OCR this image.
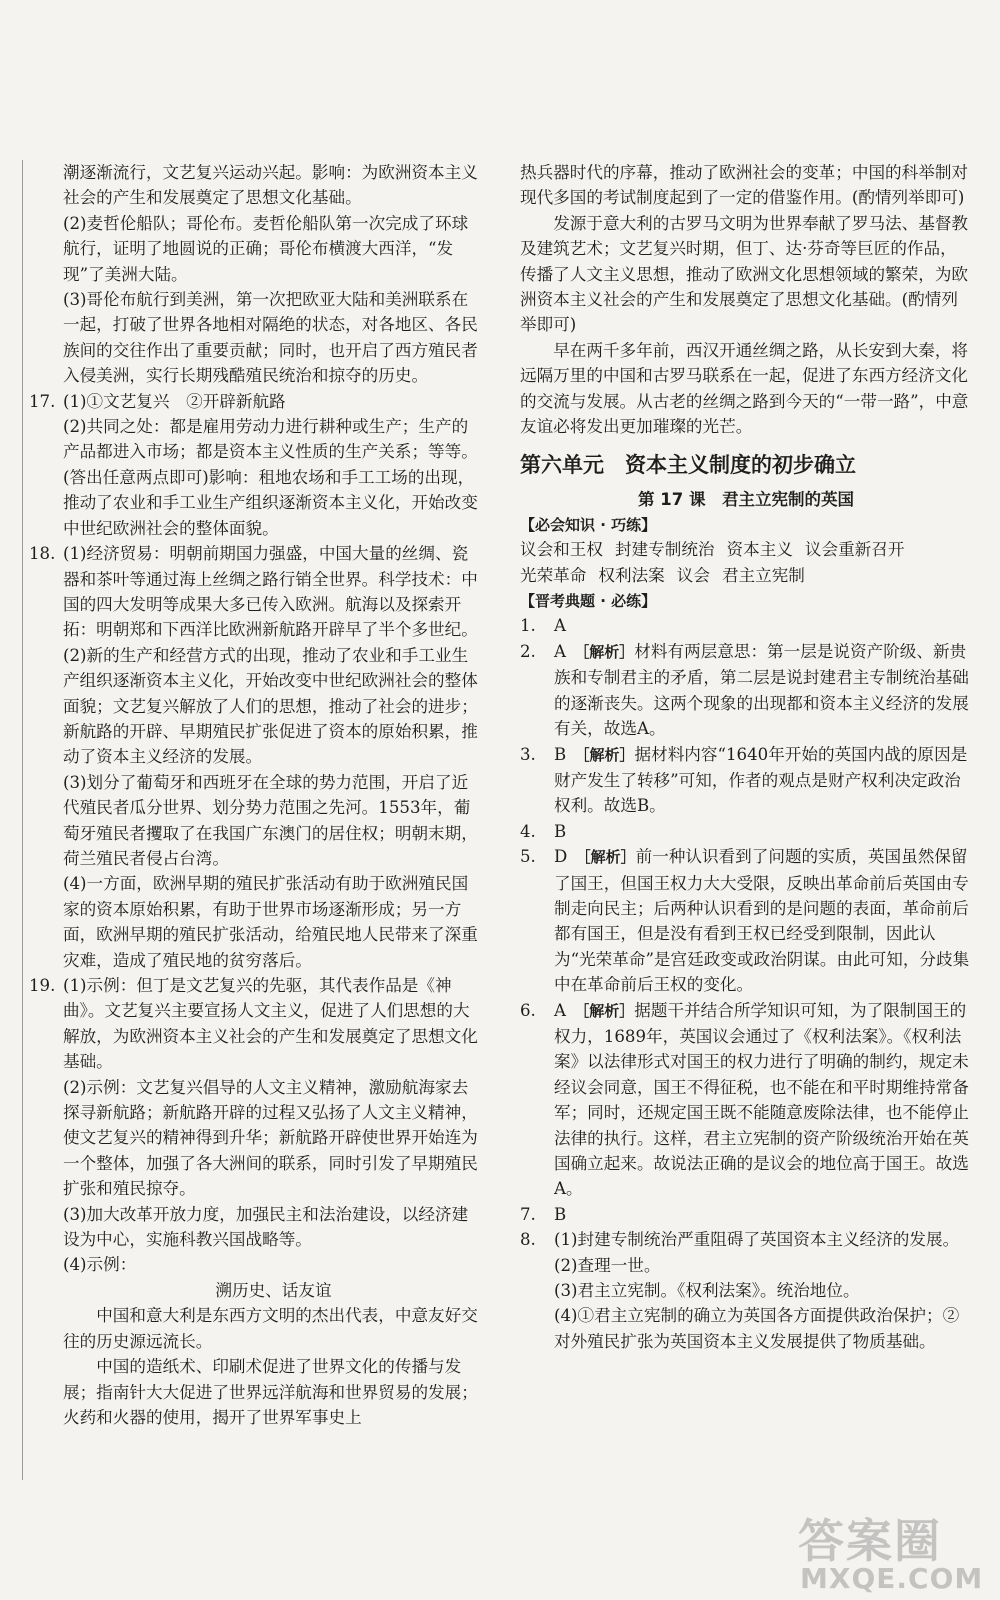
潮逐渐流行，文艺复兴运动兴起。影响：为欧洲资本主义社会的产生和发展奠定了思想文化基础。
(2)麦哲伦船队；哥伦布。麦哲伦船队第一次完成了环球航行，证明了地圆说的正确；哥伦布横渡大西洋，“发现”了美洲大陆。
(3)哥伦布航行到美洲，第一次把欧亚大陆和美洲联系在一起，打破了世界各地相对隔绝的状态，对各地区、各民族间的交往作出了重要贡献；同时，也开启了西方殖民者入侵美洲，实行长期残酷殖民统治和掠夺的历史。
17. (1)①文艺复兴　②开辟新航路
(2)共同之处：都是雇用劳动力进行耕种或生产；生产的产品都进入市场；都是资本主义性质的生产关系；等等。(答出任意两点即可)影响：租地农场和手工工场的出现，推动了农业和手工业生产组织逐渐资本主义化，开始改变中世纪欧洲社会的整体面貌。
18. (1)经济贸易：明朝前期国力强盛，中国大量的丝绸、瓷器和茶叶等通过海上丝绸之路行销全世界。科学技术：中国的四大发明等成果大多已传入欧洲。航海以及探索开拓：明朝郑和下西洋比欧洲新航路开辟早了半个多世纪。
(2)新的生产和经营方式的出现，推动了农业和手工业生产组织逐渐资本主义化，开始改变中世纪欧洲社会的整体面貌；文艺复兴解放了人们的思想，推动了社会的进步；新航路的开辟、早期殖民扩张促进了资本的原始积累，推动了资本主义经济的发展。
(3)划分了葡萄牙和西班牙在全球的势力范围，开启了近代殖民者瓜分世界、划分势力范围之先河。1553年，葡萄牙殖民者攫取了在我国广东澳门的居住权；明朝末期，荷兰殖民者侵占台湾。
(4)一方面，欧洲早期的殖民扩张活动有助于欧洲殖民国家的资本原始积累，有助于世界市场逐渐形成；另一方面，欧洲早期的殖民扩张活动，给殖民地人民带来了深重灾难，造成了殖民地的贫穷落后。
19. (1)示例：但丁是文艺复兴的先驱，其代表作品是《神曲》。文艺复兴主要宣扬人文主义，促进了人们思想的大解放，为欧洲资本主义社会的产生和发展奠定了思想文化基础。
(2)示例：文艺复兴倡导的人文主义精神，激励航海家去探寻新航路；新航路开辟的过程又弘扬了人文主义精神，使文艺复兴的精神得到升华；新航路开辟使世界开始连为一个整体，加强了各大洲间的联系，同时引发了早期殖民扩张和殖民掠夺。
(3)加大改革开放力度，加强民主和法治建设，以经济建设为中心，实施科教兴国战略等。
(4)示例：
溯历史、话友谊
中国和意大利是东西方文明的杰出代表，中意友好交往的历史源远流长。
中国的造纸术、印刷术促进了世界文化的传播与发展；指南针大大促进了世界远洋航海和世界贸易的发展；火药和火器的使用，揭开了世界军事史上
热兵器时代的序幕，推动了欧洲社会的变革；中国的科举制对现代多国的考试制度起到了一定的借鉴作用。(酌情列举即可)
发源于意大利的古罗马文明为世界奉献了罗马法、基督教及建筑艺术；文艺复兴时期，但丁、达·芬奇等巨匠的作品，传播了人文主义思想，推动了欧洲文化思想领域的繁荣，为欧洲资本主义社会的产生和发展奠定了思想文化基础。(酌情列举即可)
早在两千多年前，西汉开通丝绸之路，从长安到大秦，将远隔万里的中国和古罗马联系在一起，促进了东西方经济文化的交流与发展。从古老的丝绸之路到今天的“一带一路”，中意友谊必将发出更加璀璨的光芒。
第六单元　资本主义制度的初步确立
第 17 课　君主立宪制的英国
【必会知识 · 巧练】
议会和王权 封建专制统治 资本主义 议会重新召开
光荣革命 权利法案 议会 君主立宪制
【晋考典题 · 必练】
1. A
2. A  ［解析］材料有两层意思：第一层是说资产阶级、新贵族和专制君主的矛盾，第二层是说封建君主专制统治基础的逐渐丧失。这两个现象的出现都和资本主义经济的发展有关，故选A。
3. B  ［解析］据材料内容“1640年开始的英国内战的原因是财产发生了转移”可知，作者的观点是财产权利决定政治权利。故选B。
4. B
5. D  ［解析］前一种认识看到了问题的实质，英国虽然保留了国王，但国王权力大大受限，反映出革命前后英国由专制走向民主；后两种认识看到的是问题的表面，革命前后都有国王，但是没有看到王权已经受到限制，因此认为“光荣革命”是宫廷政变或政治阴谋。由此可知，分歧集中在革命前后王权的变化。
6. A  ［解析］据题干并结合所学知识可知，为了限制国王的权力，1689年，英国议会通过了《权利法案》。《权利法案》以法律形式对国王的权力进行了明确的制约，规定未经议会同意，国王不得征税，也不能在和平时期维持常备军；同时，还规定国王既不能随意废除法律，也不能停止法律的执行。这样，君主立宪制的资产阶级统治开始在英国确立起来。故说法正确的是议会的地位高于国王。故选A。
7. B
8. (1)封建专制统治严重阻碍了英国资本主义经济的发展。
(2)查理一世。
(3)君主立宪制。《权利法案》。统治地位。
(4)①君主立宪制的确立为英国各方面提供政治保护；②对外殖民扩张为英国资本主义发展提供了物质基础。
答案圈
MXQE.COM
